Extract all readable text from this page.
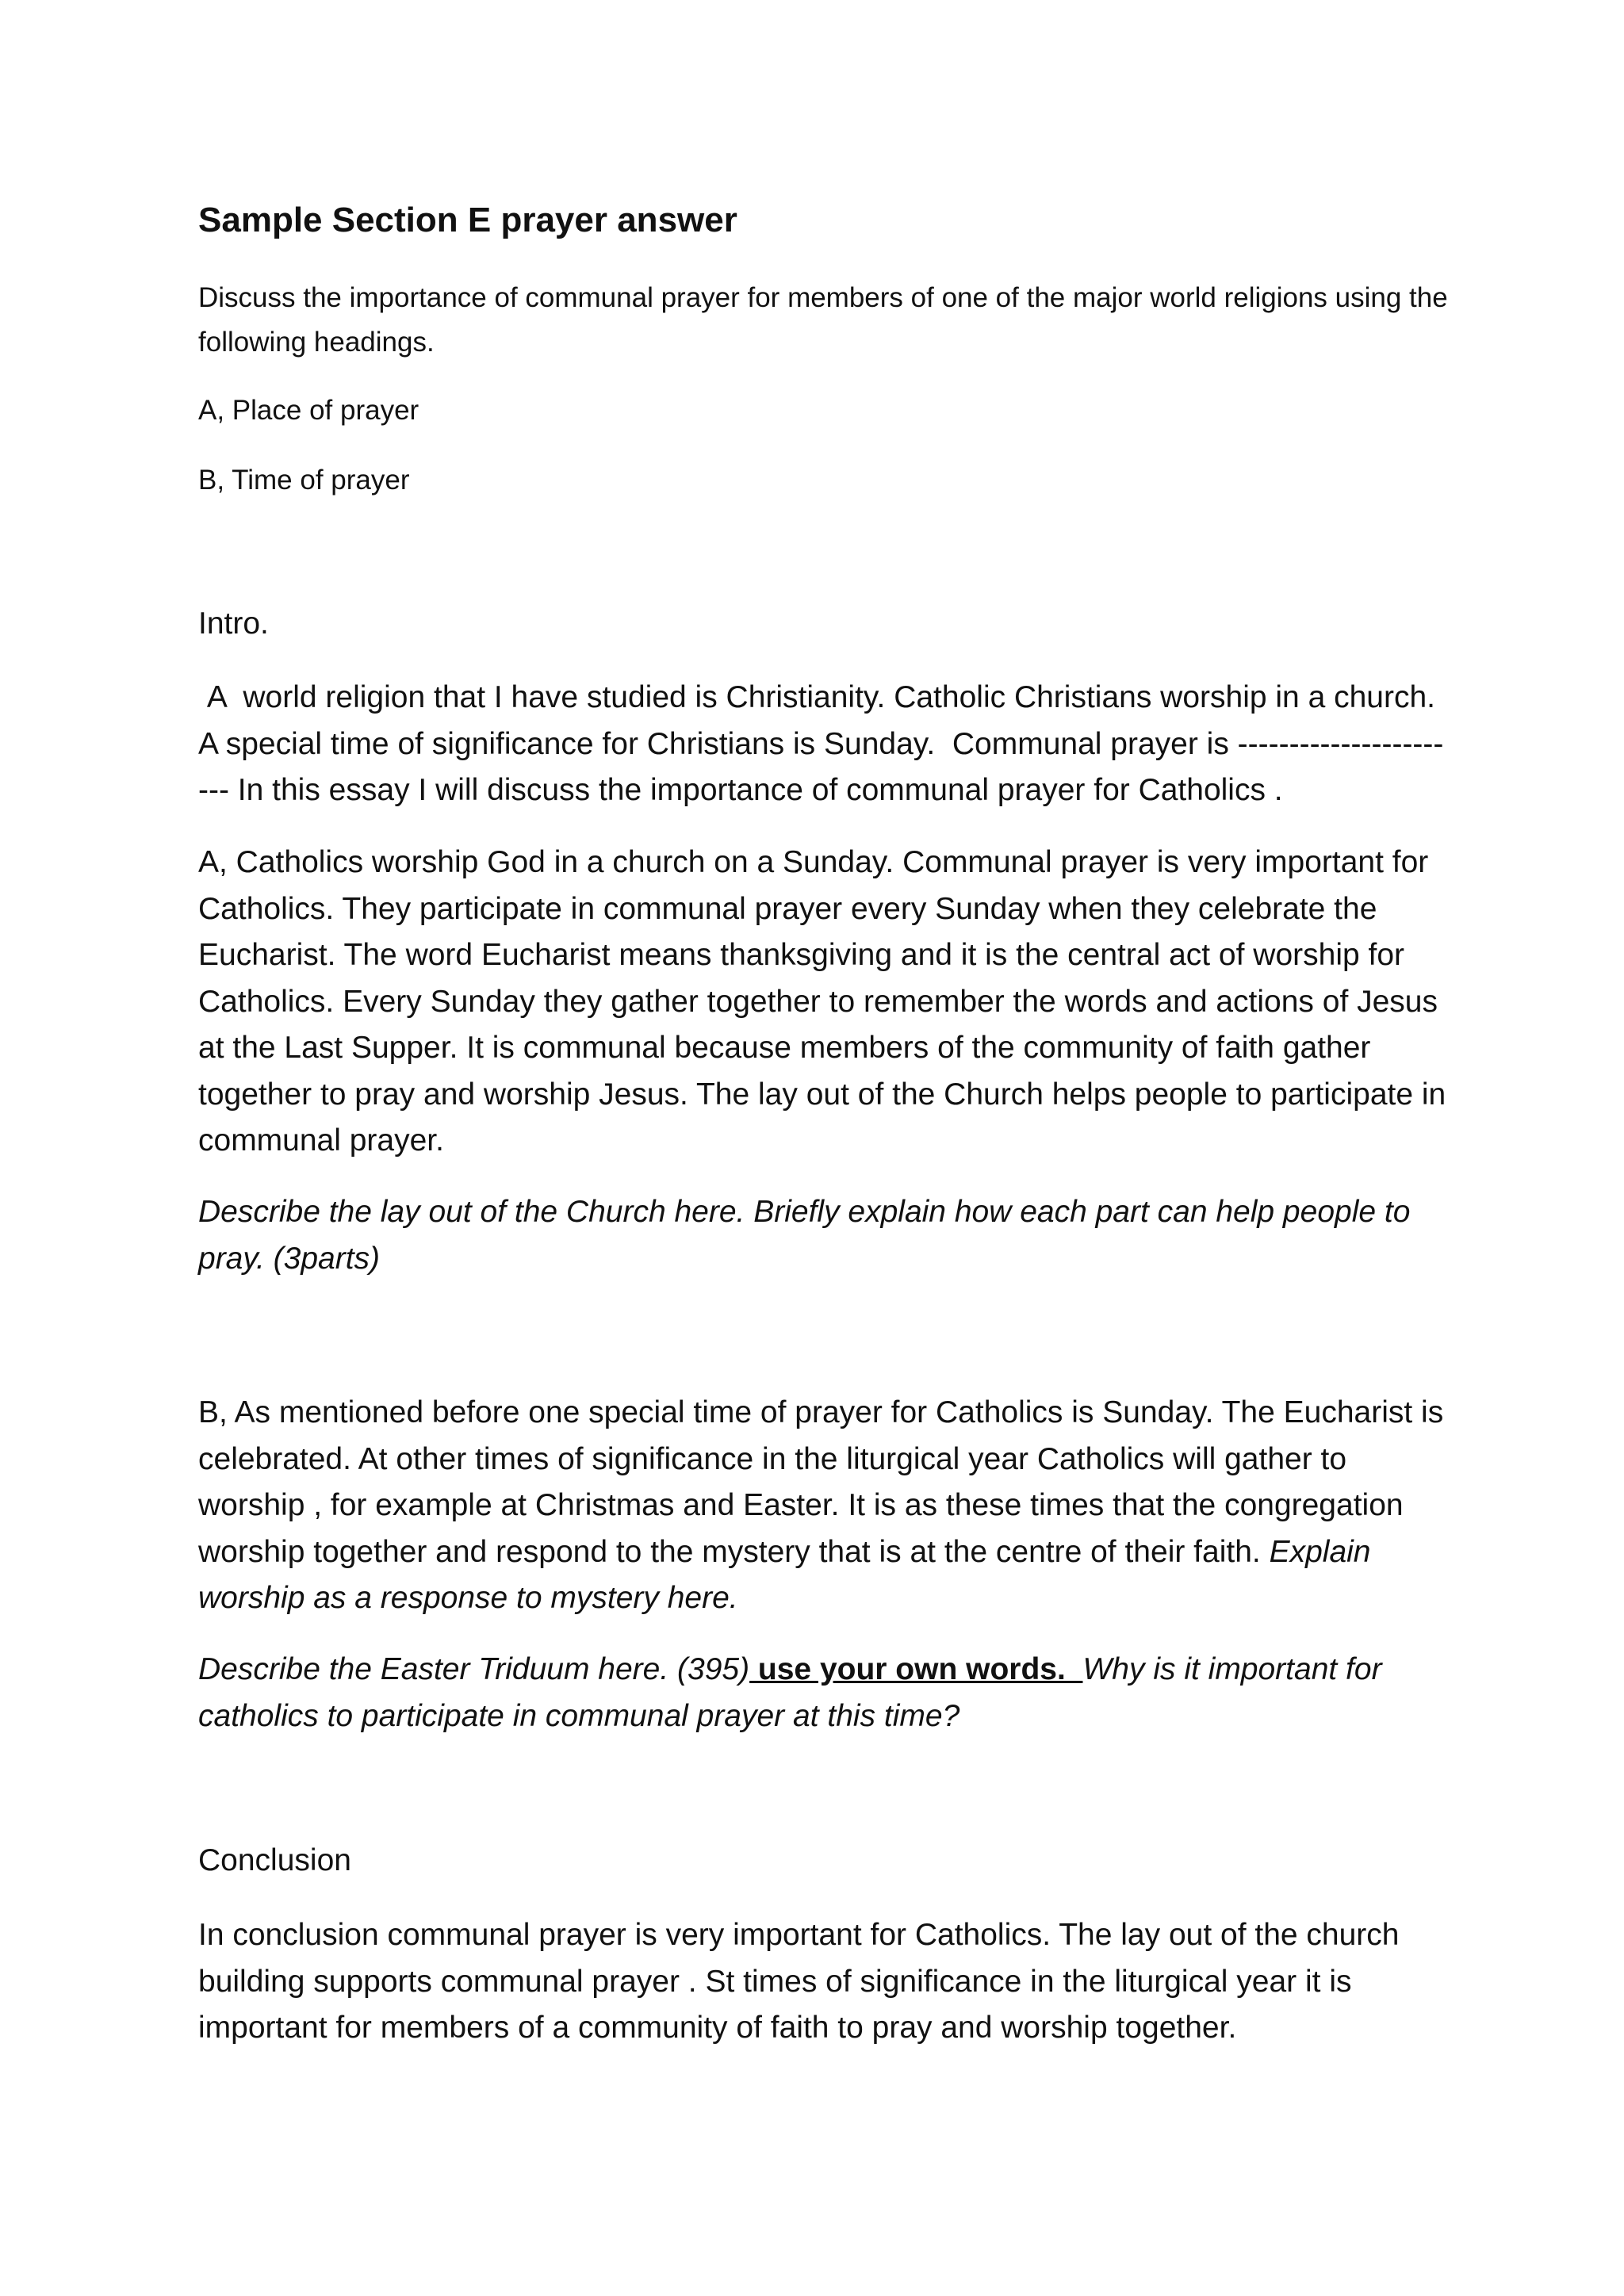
Sample Section E prayer answer

Discuss the importance of communal prayer for members of one of the major world religions using the following headings.

A, Place of prayer

B, Time of prayer

Intro.

A  world religion that I have studied is Christianity. Catholic Christians worship in a church. A special time of significance for Christians is Sunday.  Communal prayer is ----------------------- In this essay I will discuss the importance of communal prayer for Catholics .

A, Catholics worship God in a church on a Sunday. Communal prayer is very important for Catholics. They participate in communal prayer every Sunday when they celebrate the Eucharist. The word Eucharist means thanksgiving and it is the central act of worship for Catholics. Every Sunday they gather together to remember the words and actions of Jesus at the Last Supper. It is communal because members of the community of faith gather together to pray and worship Jesus. The lay out of the Church helps people to participate in communal prayer.

Describe the lay out of the Church here. Briefly explain how each part can help people to pray. (3parts)

B, As mentioned before one special time of prayer for Catholics is Sunday. The Eucharist is celebrated. At other times of significance in the liturgical year Catholics will gather to worship , for example at Christmas and Easter. It is as these times that the congregation worship together and respond to the mystery that is at the centre of their faith. Explain worship as a response to mystery here.

Describe the Easter Triduum here. (395) use your own words.  Why is it important for catholics to participate in communal prayer at this time?

Conclusion

In conclusion communal prayer is very important for Catholics. The lay out of the church building supports communal prayer . St times of significance in the liturgical year it is important for members of a community of faith to pray and worship together.
